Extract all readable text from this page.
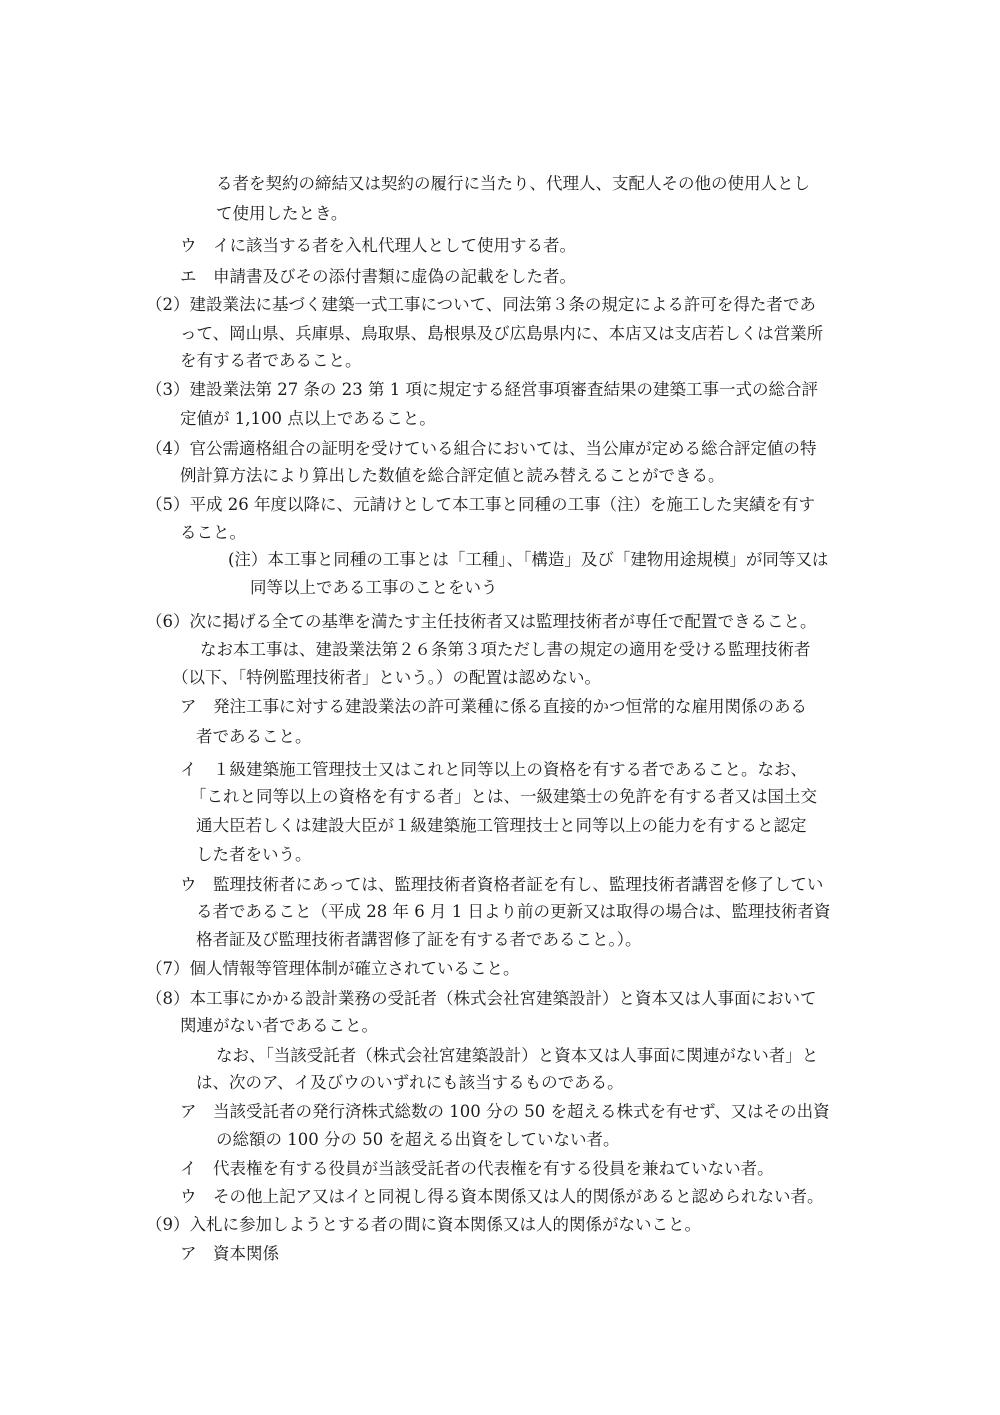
る者を契約の締結又は契約の履行に当たり、代理人、支配人その他の使用人とし
て使用したとき。
ウ　イに該当する者を入札代理人として使用する者。
エ　申請書及びその添付書類に虚偽の記載をした者。
（2）建設業法に基づく建築一式工事について、同法第３条の規定による許可を得た者であ
って、岡山県、兵庫県、鳥取県、島根県及び広島県内に、本店又は支店若しくは営業所
を有する者であること。
（3）建設業法第 27 条の 23 第 1 項に規定する経営事項審査結果の建築工事一式の総合評
定値が 1,100 点以上であること。
（4）官公需適格組合の証明を受けている組合においては、当公庫が定める総合評定値の特
例計算方法により算出した数値を総合評定値と読み替えることができる。
（5）平成 26 年度以降に、元請けとして本工事と同種の工事（注）を施工した実績を有す
ること。
(注）本工事と同種の工事とは「工種」、「構造」及び「建物用途規模」が同等又は
同等以上である工事のことをいう
（6）次に掲げる全ての基準を満たす主任技術者又は監理技術者が専任で配置できること。
なお本工事は、建設業法第２６条第３項ただし書の規定の適用を受ける監理技術者
（以下、「特例監理技術者」という。）の配置は認めない。
ア　発注工事に対する建設業法の許可業種に係る直接的かつ恒常的な雇用関係のある
者であること。
イ　１級建築施工管理技士又はこれと同等以上の資格を有する者であること。なお、
「これと同等以上の資格を有する者」とは、一級建築士の免許を有する者又は国土交
通大臣若しくは建設大臣が１級建築施工管理技士と同等以上の能力を有すると認定
した者をいう。
ウ　監理技術者にあっては、監理技術者資格者証を有し、監理技術者講習を修了してい
る者であること（平成 28 年 6 月 1 日より前の更新又は取得の場合は、監理技術者資
格者証及び監理技術者講習修了証を有する者であること。）。
（7）個人情報等管理体制が確立されていること。
（8）本工事にかかる設計業務の受託者（株式会社宮建築設計）と資本又は人事面において
関連がない者であること。
なお、「当該受託者（株式会社宮建築設計）と資本又は人事面に関連がない者」と
は、次のア、イ及びウのいずれにも該当するものである。
ア　当該受託者の発行済株式総数の 100 分の 50 を超える株式を有せず、又はその出資
の総額の 100 分の 50 を超える出資をしていない者。
イ　代表権を有する役員が当該受託者の代表権を有する役員を兼ねていない者。
ウ　その他上記ア又はイと同視し得る資本関係又は人的関係があると認められない者。
（9）入札に参加しようとする者の間に資本関係又は人的関係がないこと。
ア　資本関係
